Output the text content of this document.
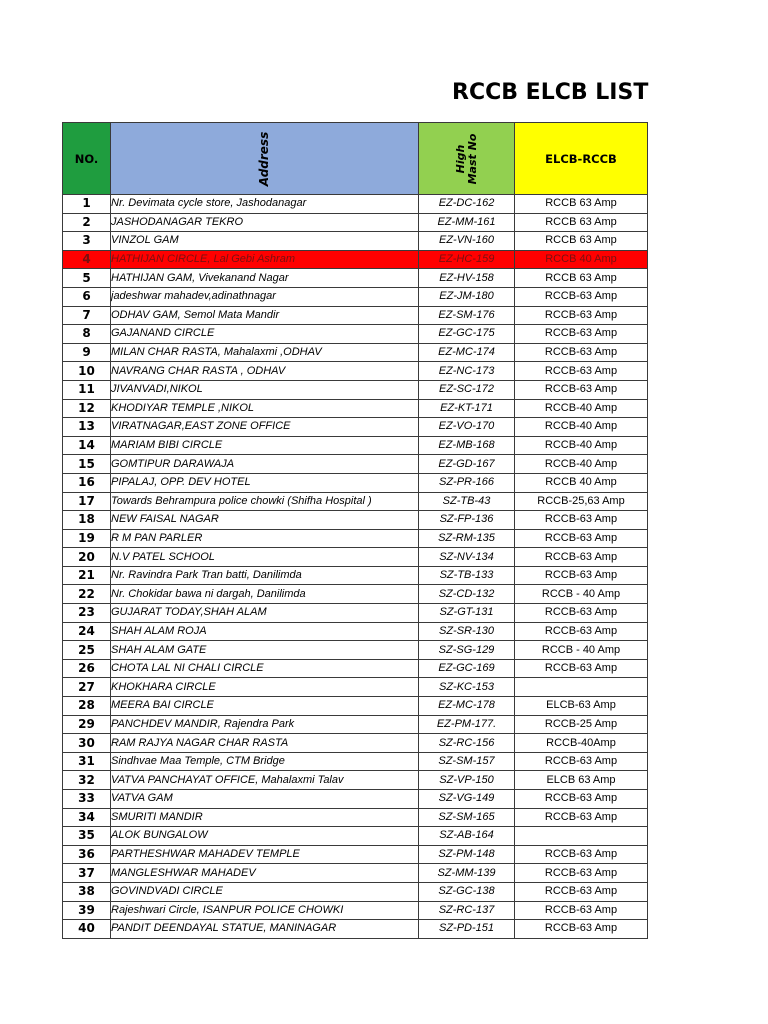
RCCB ELCB LIST
NO.	Address	High Mast No	ELCB-RCCB
1	Nr. Devimata cycle store, Jashodanagar	EZ-DC-162	RCCB 63 Amp
2	JASHODANAGAR TEKRO	EZ-MM-161	RCCB 63 Amp
3	VINZOL GAM	EZ-VN-160	RCCB 63 Amp
4	HATHIJAN CIRCLE, Lal Gebi Ashram	EZ-HC-159	RCCB 40 Amp
5	HATHIJAN GAM, Vivekanand Nagar	EZ-HV-158	RCCB 63 Amp
6	jadeshwar mahadev,adinathnagar	EZ-JM-180	RCCB-63 Amp
7	ODHAV GAM, Semol Mata Mandir	EZ-SM-176	RCCB-63 Amp
8	GAJANAND CIRCLE	EZ-GC-175	RCCB-63 Amp
9	MILAN CHAR RASTA, Mahalaxmi ,ODHAV	EZ-MC-174	RCCB-63 Amp
10	NAVRANG CHAR RASTA , ODHAV	EZ-NC-173	RCCB-63 Amp
11	JIVANVADI,NIKOL	EZ-SC-172	RCCB-63 Amp
12	KHODIYAR TEMPLE ,NIKOL	EZ-KT-171	RCCB-40 Amp
13	VIRATNAGAR,EAST ZONE OFFICE	EZ-VO-170	RCCB-40 Amp
14	MARIAM BIBI CIRCLE	EZ-MB-168	RCCB-40 Amp
15	GOMTIPUR DARAWAJA	EZ-GD-167	RCCB-40 Amp
16	PIPALAJ, OPP. DEV HOTEL	SZ-PR-166	RCCB 40 Amp
17	Towards Behrampura police chowki (Shifha Hospital )	SZ-TB-43	RCCB-25,63 Amp
18	NEW FAISAL NAGAR	SZ-FP-136	RCCB-63 Amp
19	R M PAN PARLER	SZ-RM-135	RCCB-63 Amp
20	N.V PATEL SCHOOL	SZ-NV-134	RCCB-63 Amp
21	Nr. Ravindra Park Tran batti, Danilimda	SZ-TB-133	RCCB-63 Amp
22	Nr. Chokidar bawa ni dargah, Danilimda	SZ-CD-132	RCCB - 40 Amp
23	GUJARAT TODAY,SHAH ALAM	SZ-GT-131	RCCB-63 Amp
24	SHAH ALAM ROJA	SZ-SR-130	RCCB-63 Amp
25	SHAH ALAM GATE	SZ-SG-129	RCCB - 40 Amp
26	CHOTA LAL NI CHALI CIRCLE	EZ-GC-169	RCCB-63 Amp
27	KHOKHARA CIRCLE	SZ-KC-153	
28	MEERA BAI CIRCLE	EZ-MC-178	ELCB-63 Amp
29	PANCHDEV MANDIR, Rajendra Park	EZ-PM-177.	RCCB-25 Amp
30	RAM RAJYA NAGAR CHAR RASTA	SZ-RC-156	RCCB-40Amp
31	Sindhvae Maa Temple, CTM Bridge	SZ-SM-157	RCCB-63 Amp
32	VATVA PANCHAYAT OFFICE, Mahalaxmi Talav	SZ-VP-150	ELCB 63 Amp
33	VATVA GAM	SZ-VG-149	RCCB-63 Amp
34	SMURITI MANDIR	SZ-SM-165	RCCB-63 Amp
35	ALOK BUNGALOW	SZ-AB-164	
36	PARTHESHWAR MAHADEV TEMPLE	SZ-PM-148	RCCB-63 Amp
37	MANGLESHWAR MAHADEV	SZ-MM-139	RCCB-63 Amp
38	GOVINDVADI CIRCLE	SZ-GC-138	RCCB-63 Amp
39	Rajeshwari Circle, ISANPUR POLICE CHOWKI	SZ-RC-137	RCCB-63 Amp
40	PANDIT DEENDAYAL STATUE, MANINAGAR	SZ-PD-151	RCCB-63 Amp
